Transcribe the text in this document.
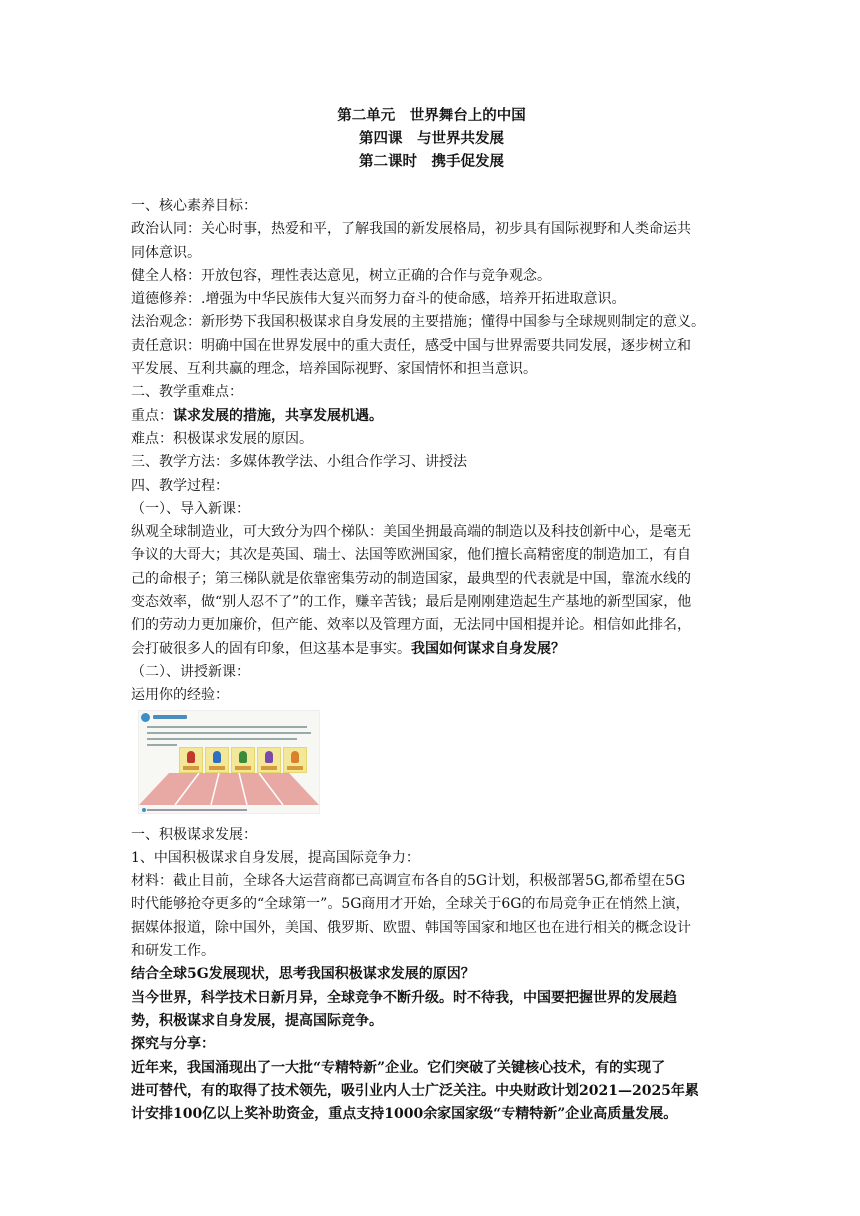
第二单元　世界舞台上的中国
第四课　与世界共发展
第二课时　携手促发展
一、核心素养目标：
政治认同：关心时事，热爱和平，了解我国的新发展格局，初步具有国际视野和人类命运共
同体意识。
健全人格：开放包容，理性表达意见，树立正确的合作与竞争观念。
道德修养：.增强为中华民族伟大复兴而努力奋斗的使命感，培养开拓进取意识。
法治观念：新形势下我国积极谋求自身发展的主要措施；懂得中国参与全球规则制定的意义。
责任意识：明确中国在世界发展中的重大责任，感受中国与世界需要共同发展，逐步树立和
平发展、互利共赢的理念，培养国际视野、家国情怀和担当意识。
二、教学重难点：
重点：谋求发展的措施，共享发展机遇。
难点：积极谋求发展的原因。
三、教学方法：多媒体教学法、小组合作学习、讲授法
四、教学过程：
（一）、导入新课：
纵观全球制造业，可大致分为四个梯队：美国坐拥最高端的制造以及科技创新中心，是毫无
争议的大哥大；其次是英国、瑞士、法国等欧洲国家，他们擅长高精密度的制造加工，有自
己的命根子；第三梯队就是依靠密集劳动的制造国家，最典型的代表就是中国，靠流水线的
变态效率，做“别人忍不了”的工作，赚辛苦钱；最后是刚刚建造起生产基地的新型国家，他
们的劳动力更加廉价，但产能、效率以及管理方面，无法同中国相提并论。相信如此排名，
会打破很多人的固有印象，但这基本是事实。我国如何谋求自身发展？
（二）、讲授新课：
运用你的经验：
一、积极谋求发展：
1、中国积极谋求自身发展，提高国际竞争力：
材料：截止目前，全球各大运营商都已高调宣布各自的5G计划，积极部署5G,都希望在5G
时代能够抢夺更多的“全球第一”。5G商用才开始，全球关于6G的布局竞争正在悄然上演，
据媒体报道，除中国外，美国、俄罗斯、欧盟、韩国等国家和地区也在进行相关的概念设计
和研发工作。
结合全球5G发展现状，思考我国积极谋求发展的原因？
当今世界，科学技术日新月异，全球竞争不断升级。时不待我，中国要把握世界的发展趋
势，积极谋求自身发展，提高国际竞争。
探究与分享：
近年来，我国涌现出了一大批“专精特新”企业。它们突破了关键核心技术，有的实现了
进可替代，有的取得了技术领先，吸引业内人士广泛关注。中央财政计划2021—2025年累
计安排100亿以上奖补助资金，重点支持1000余家国家级“专精特新”企业高质量发展。
